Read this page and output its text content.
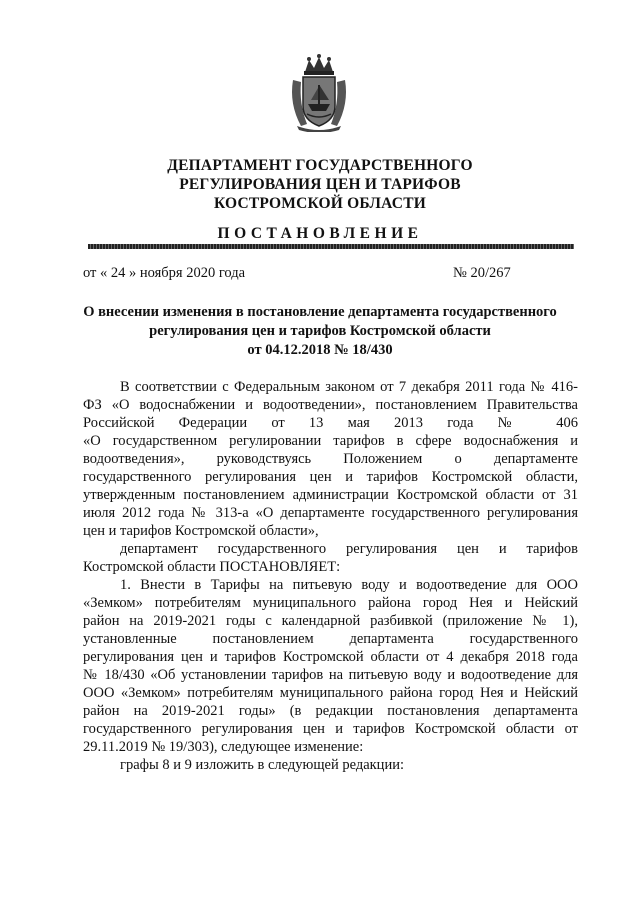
ДЕПАРТАМЕНТ ГОСУДАРСТВЕННОГО
РЕГУЛИРОВАНИЯ ЦЕН И ТАРИФОВ
КОСТРОМСКОЙ ОБЛАСТИ
ПОСТАНОВЛЕНИЕ
от « 24 » ноября 2020 года	№ 20/267
О внесении изменения в постановление департамента государственного
регулирования цен и тарифов Костромской области
от 04.12.2018 № 18/430
В соответствии с Федеральным законом от 7 декабря 2011 года № 416-
ФЗ «О водоснабжении и водоотведении», постановлением Правительства
Российской Федерации от 13 мая 2013 года № 406
«О государственном регулировании тарифов в сфере водоснабжения и
водоотведения», руководствуясь Положением о департаменте
государственного регулирования цен и тарифов Костромской области,
утвержденным постановлением администрации Костромской области от 31
июля 2012 года № 313-а «О департаменте государственного регулирования
цен и тарифов Костромской области»,
департамент государственного регулирования цен и тарифов
Костромской области ПОСТАНОВЛЯЕТ:
1. Внести в Тарифы на питьевую воду и водоотведение для ООО
«Земком» потребителям муниципального района город Нея и Нейский
район на 2019-2021 годы с календарной разбивкой (приложение № 1),
установленные постановлением департамента государственного
регулирования цен и тарифов Костромской области от 4 декабря 2018 года
№ 18/430 «Об установлении тарифов на питьевую воду и водоотведение для
ООО «Земком» потребителям муниципального района город Нея и Нейский
район на 2019-2021 годы» (в редакции постановления департамента
государственного регулирования цен и тарифов Костромской области от
29.11.2019 № 19/303), следующее изменение:
графы 8 и 9 изложить в следующей редакции:
